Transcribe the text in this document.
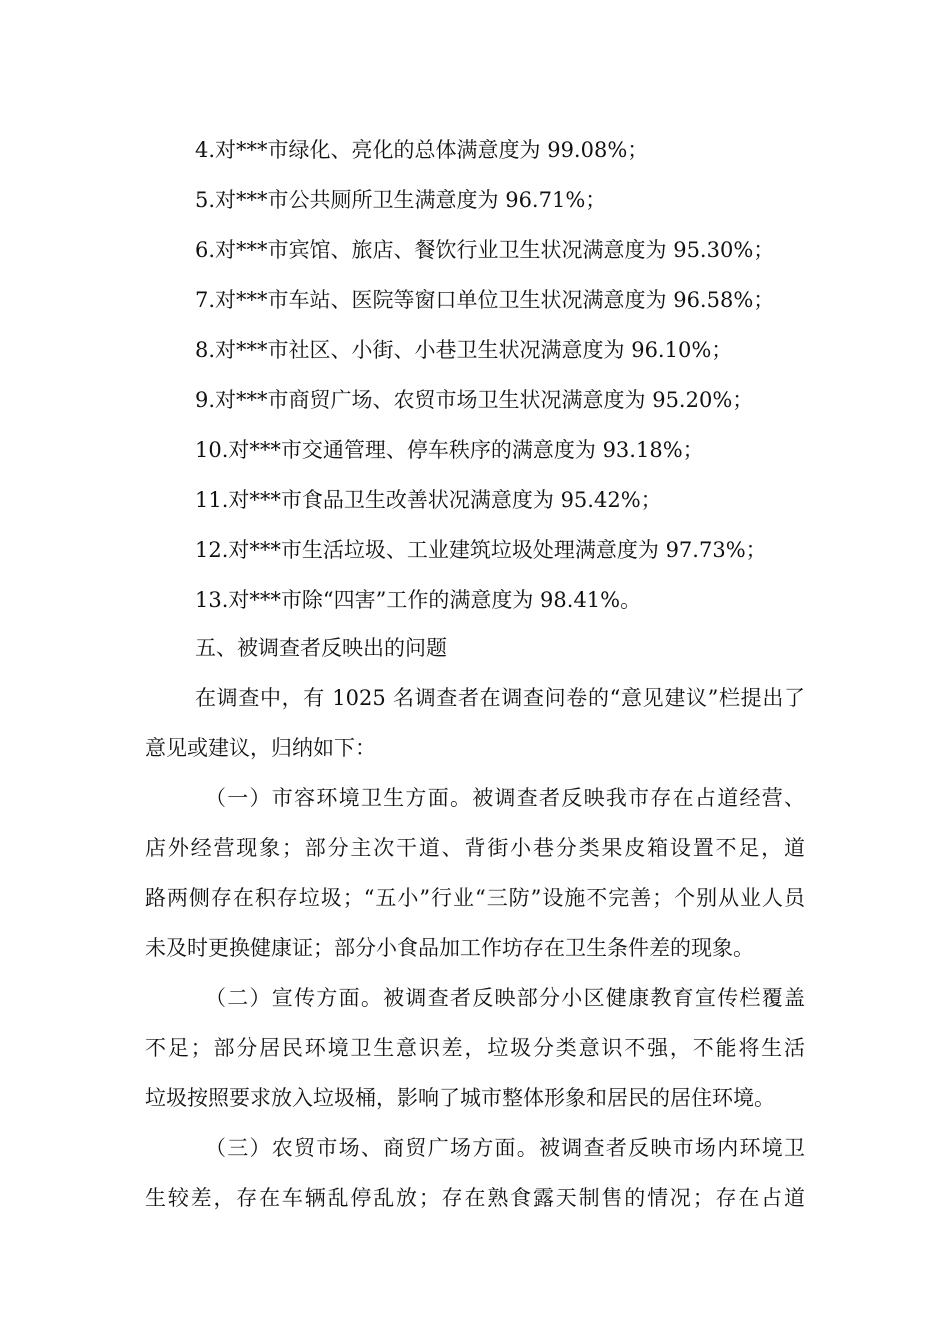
4.对***市绿化、亮化的总体满意度为 99.08%；
5.对***市公共厕所卫生满意度为 96.71%；
6.对***市宾馆、旅店、餐饮行业卫生状况满意度为 95.30%；
7.对***市车站、医院等窗口单位卫生状况满意度为 96.58%；
8.对***市社区、小街、小巷卫生状况满意度为 96.10%；
9.对***市商贸广场、农贸市场卫生状况满意度为 95.20%；
10.对***市交通管理、停车秩序的满意度为 93.18%；
11.对***市食品卫生改善状况满意度为 95.42%；
12.对***市生活垃圾、工业建筑垃圾处理满意度为 97.73%；
13.对***市除“四害”工作的满意度为 98.41%。
五、被调查者反映出的问题
在调查中，有 1025 名调查者在调查问卷的“意见建议”栏提出了
意见或建议，归纳如下：
（一）市容环境卫生方面。被调查者反映我市存在占道经营、
店外经营现象；部分主次干道、背街小巷分类果皮箱设置不足，道
路两侧存在积存垃圾；“五小”行业“三防”设施不完善；个别从业人员
未及时更换健康证；部分小食品加工作坊存在卫生条件差的现象。
（二）宣传方面。被调查者反映部分小区健康教育宣传栏覆盖
不足；部分居民环境卫生意识差，垃圾分类意识不强，不能将生活
垃圾按照要求放入垃圾桶，影响了城市整体形象和居民的居住环境。
（三）农贸市场、商贸广场方面。被调查者反映市场内环境卫
生较差，存在车辆乱停乱放；存在熟食露天制售的情况；存在占道
